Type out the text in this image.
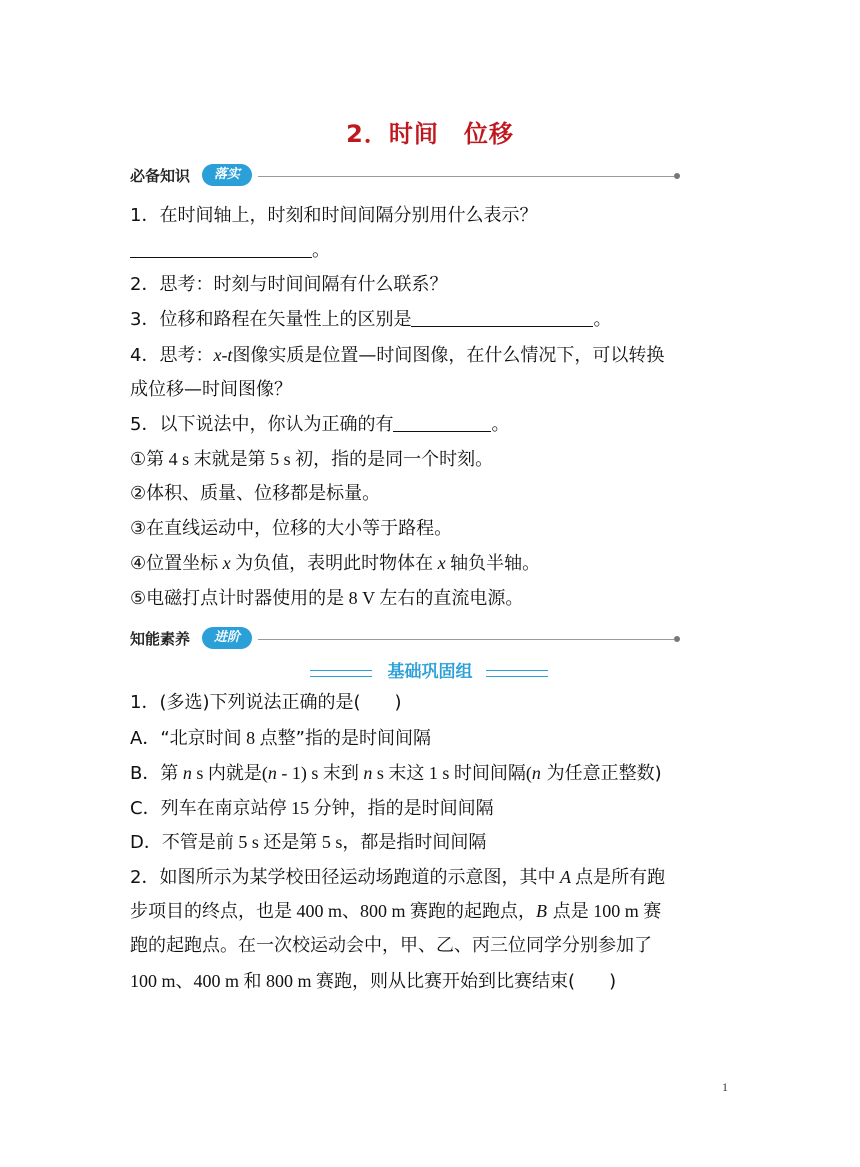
2．时间　位移
必备知识	落实
1．在时间轴上，时刻和时间间隔分别用什么表示？
。
2．思考：时刻与时间间隔有什么联系？
3．位移和路程在矢量性上的区别是	。
4．思考：x-t图像实质是位置—时间图像，在什么情况下，可以转换
成位移—时间图像？
5．以下说法中，你认为正确的有	。
①第 4 s 末就是第 5 s 初，指的是同一个时刻。
②体积、质量、位移都是标量。
③在直线运动中，位移的大小等于路程。
④位置坐标 x 为负值，表明此时物体在 x 轴负半轴。
⑤电磁打点计时器使用的是 8 V 左右的直流电源。
知能素养	进阶
基础巩固组
1．(多选)下列说法正确的是( )
A．“北京时间 8 点整”指的是时间间隔
B．第 n s 内就是(n - 1) s 末到 n s 末这 1 s 时间间隔(n 为任意正整数)
C．列车在南京站停 15 分钟，指的是时间间隔
D．不管是前 5 s 还是第 5 s，都是指时间间隔
2．如图所示为某学校田径运动场跑道的示意图，其中 A 点是所有跑
步项目的终点，也是 400 m、800 m 赛跑的起跑点，B 点是 100 m 赛
跑的起跑点。在一次校运动会中，甲、乙、丙三位同学分别参加了
100 m、400 m 和 800 m 赛跑，则从比赛开始到比赛结束( )
1
